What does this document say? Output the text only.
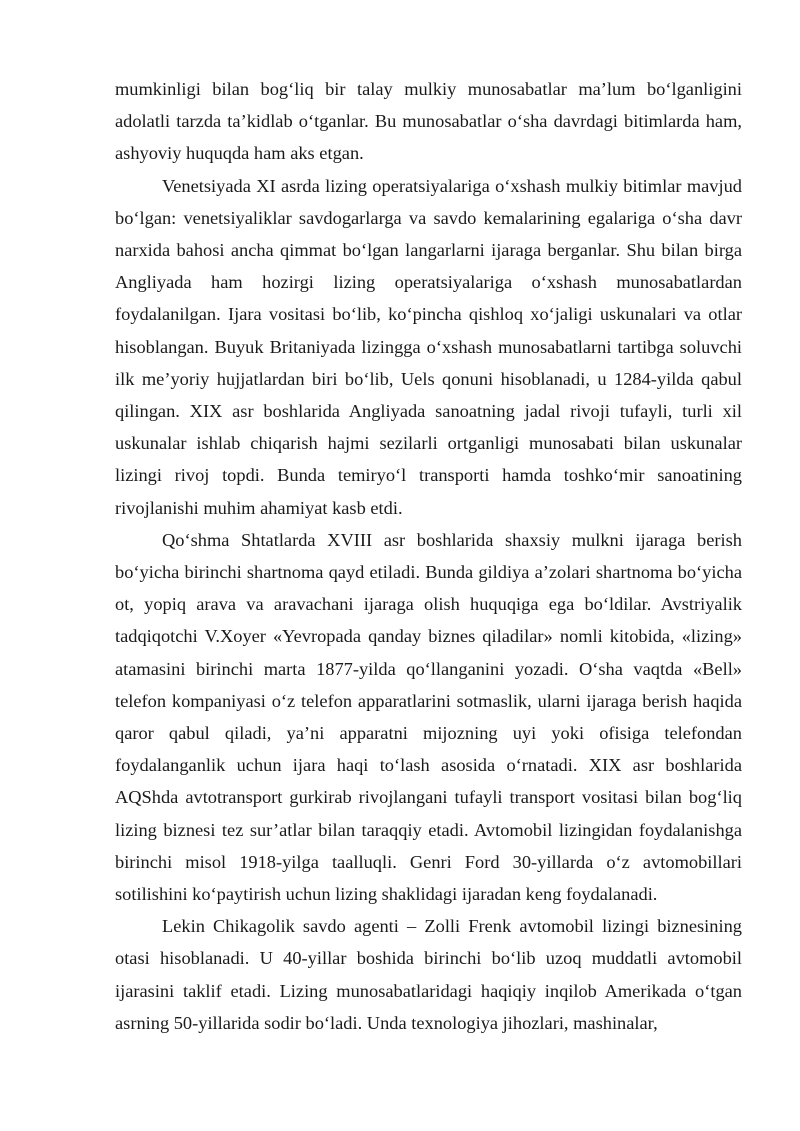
mumkinligi bilan bog‘liq bir talay mulkiy munosabatlar ma’lum bo‘lganligini adolatli tarzda ta’kidlab o‘tganlar. Bu munosabatlar o‘sha davrdagi bitimlarda ham, ashyoviy huquqda ham aks etgan.

Venetsiyada XI asrda lizing operatsiyalariga o‘xshash mulkiy bitimlar mavjud bo‘lgan: venetsiyaliklar savdogarlarga va savdo kemalarining egalariga o‘sha davr narxida bahosi ancha qimmat bo‘lgan langarlarni ijaraga berganlar. Shu bilan birga Angliyada ham hozirgi lizing operatsiyalariga o‘xshash munosabatlardan foydalanilgan. Ijara vositasi bo‘lib, ko‘pincha qishloq xo‘jaligi uskunalari va otlar hisoblangan. Buyuk Britaniyada lizingga o‘xshash munosabatlarni tartibga soluvchi ilk me’yoriy hujjatlardan biri bo‘lib, Uels qonuni hisoblanadi, u 1284-yilda qabul qilingan. XIX asr boshlarida Angliyada sanoatning jadal rivoji tufayli, turli xil uskunalar ishlab chiqarish hajmi sezilarli ortganligi munosabati bilan uskunalar lizingi rivoj topdi. Bunda temiryo‘l transporti hamda toshko‘mir sanoatining rivojlanishi muhim ahamiyat kasb etdi.

Qo‘shma Shtatlarda XVIII asr boshlarida shaxsiy mulkni ijaraga berish bo‘yicha birinchi shartnoma qayd etiladi. Bunda gildiya a’zolari shartnoma bo‘yicha ot, yopiq arava va aravachani ijaraga olish huquqiga ega bo‘ldilar. Avstriyalik tadqiqotchi V.Xoyer «Yevropada qanday biznes qiladilar» nomli kitobida, «lizing» atamasini birinchi marta 1877-yilda qo‘llanganini yozadi. O‘sha vaqtda «Bell» telefon kompaniyasi o‘z telefon apparatlarini sotmaslik, ularni ijaraga berish haqida qaror qabul qiladi, ya’ni apparatni mijozning uyi yoki ofisiga telefondan foydalanganlik uchun ijara haqi to‘lash asosida o‘rnatadi. XIX asr boshlarida AQShda avtotransport gurkirab rivojlangani tufayli transport vositasi bilan bog‘liq lizing biznesi tez sur’atlar bilan taraqqiy etadi. Avtomobil lizingidan foydalanishga birinchi misol 1918-yilga taalluqli. Genri Ford 30-yillarda o‘z avtomobillari sotilishini ko‘paytirish uchun lizing shaklidagi ijaradan keng foydalanadi.

Lekin Chikagolik savdo agenti – Zolli Frenk avtomobil lizingi biznesining otasi hisoblanadi. U 40-yillar boshida birinchi bo‘lib uzoq muddatli avtomobil ijarasini taklif etadi. Lizing munosabatlaridagi haqiqiy inqilob Amerikada o‘tgan asrning 50-yillarida sodir bo‘ladi. Unda texnologiya jihozlari, mashinalar,
